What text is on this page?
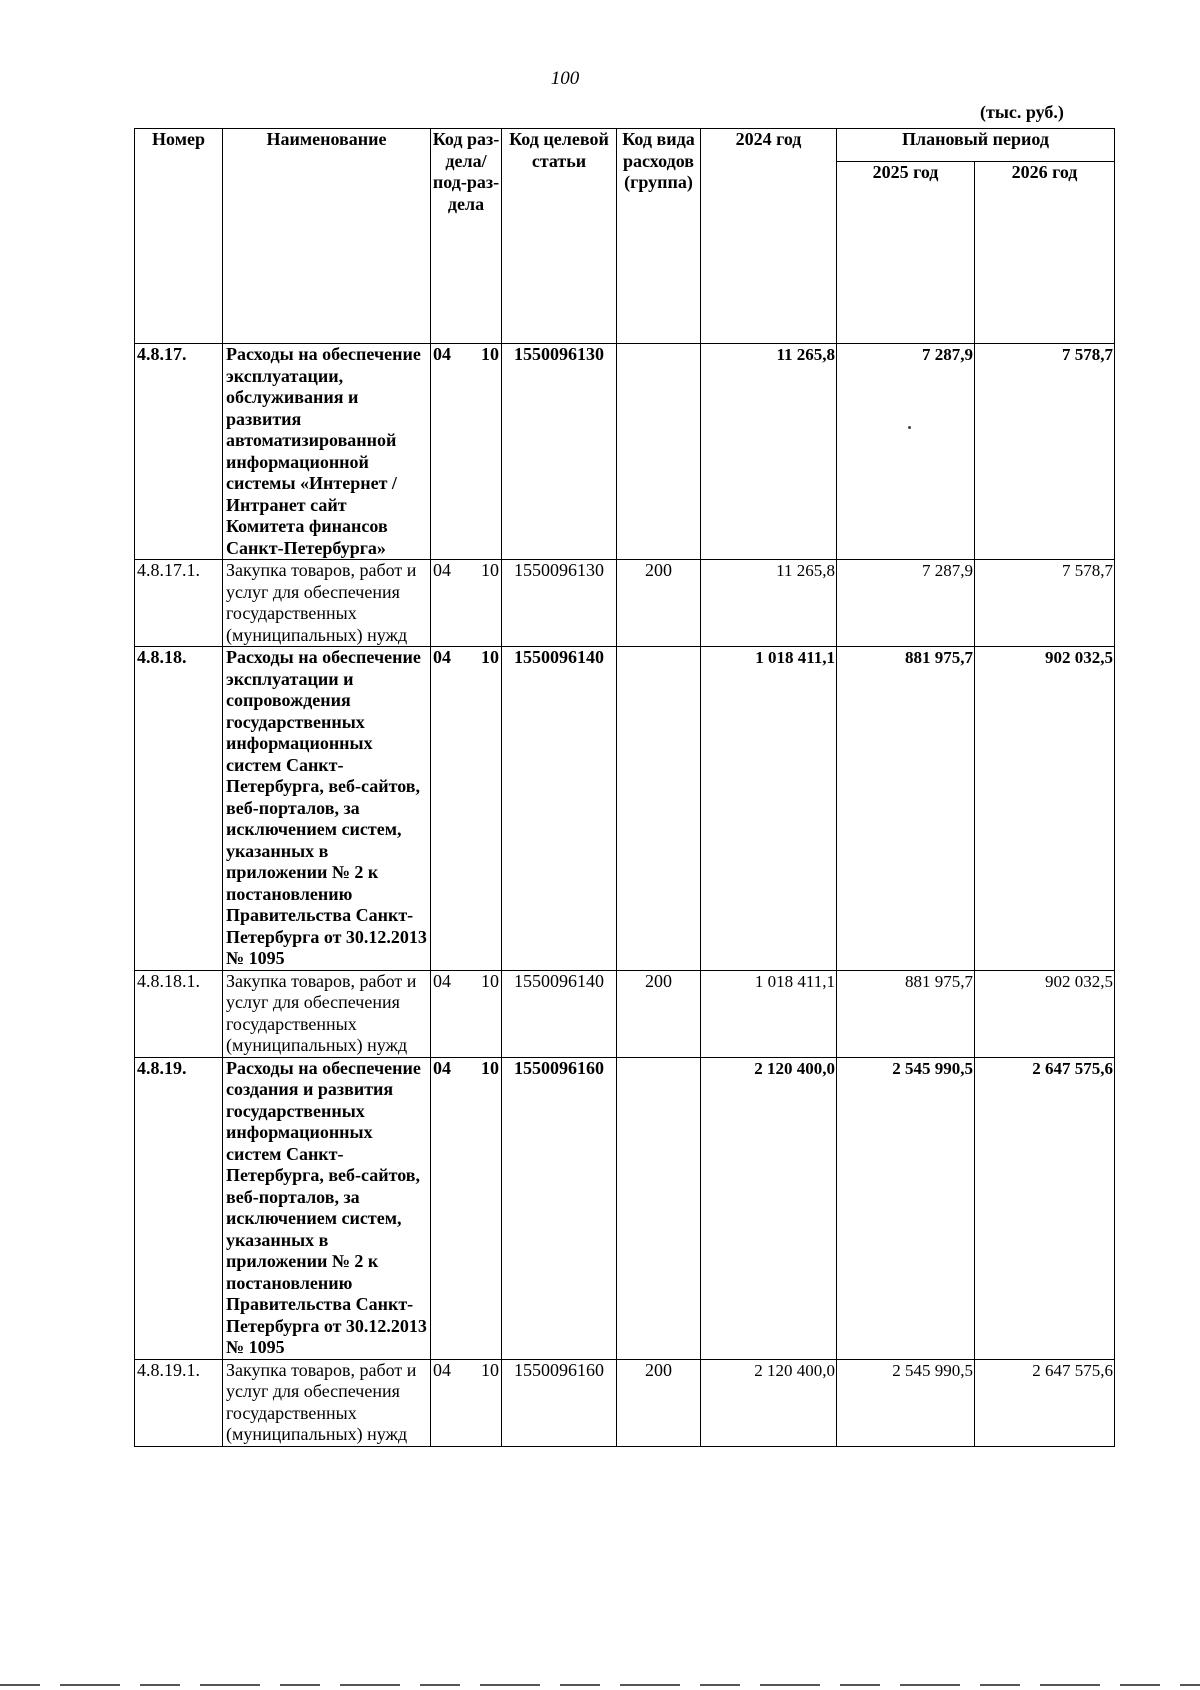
100
(тыс. руб.)
Номер	Наименование	Код раз-дела/ под-раз-дела	Код целевой статьи	Код вида расходов (группа)	2024 год	Плановый период	
						2025 год	2026 год
4.8.17.	Расходы на обеспечение эксплуатации, обслуживания и развития автоматизированной информационной системы «Интернет / Интранет сайт Комитета финансов Санкт-Петербурга»	04 10	1550096130		11 265,8	7 287,9	7 578,7
4.8.17.1.	Закупка товаров, работ и услуг для обеспечения государственных (муниципальных) нужд	04 10	1550096130	200	11 265,8	7 287,9	7 578,7
4.8.18.	Расходы на обеспечение эксплуатации и сопровождения государственных информационных систем Санкт-Петербурга, веб-сайтов, веб-порталов, за исключением систем, указанных в приложении № 2 к постановлению Правительства Санкт-Петербурга от 30.12.2013 № 1095	04 10	1550096140		1 018 411,1	881 975,7	902 032,5
4.8.18.1.	Закупка товаров, работ и услуг для обеспечения государственных (муниципальных) нужд	04 10	1550096140	200	1 018 411,1	881 975,7	902 032,5
4.8.19.	Расходы на обеспечение создания и развития государственных информационных систем Санкт-Петербурга, веб-сайтов, веб-порталов, за исключением систем, указанных в приложении № 2 к постановлению Правительства Санкт-Петербурга от 30.12.2013 № 1095	04 10	1550096160		2 120 400,0	2 545 990,5	2 647 575,6
4.8.19.1.	Закупка товаров, работ и услуг для обеспечения государственных (муниципальных) нужд	04 10	1550096160	200	2 120 400,0	2 545 990,5	2 647 575,6
